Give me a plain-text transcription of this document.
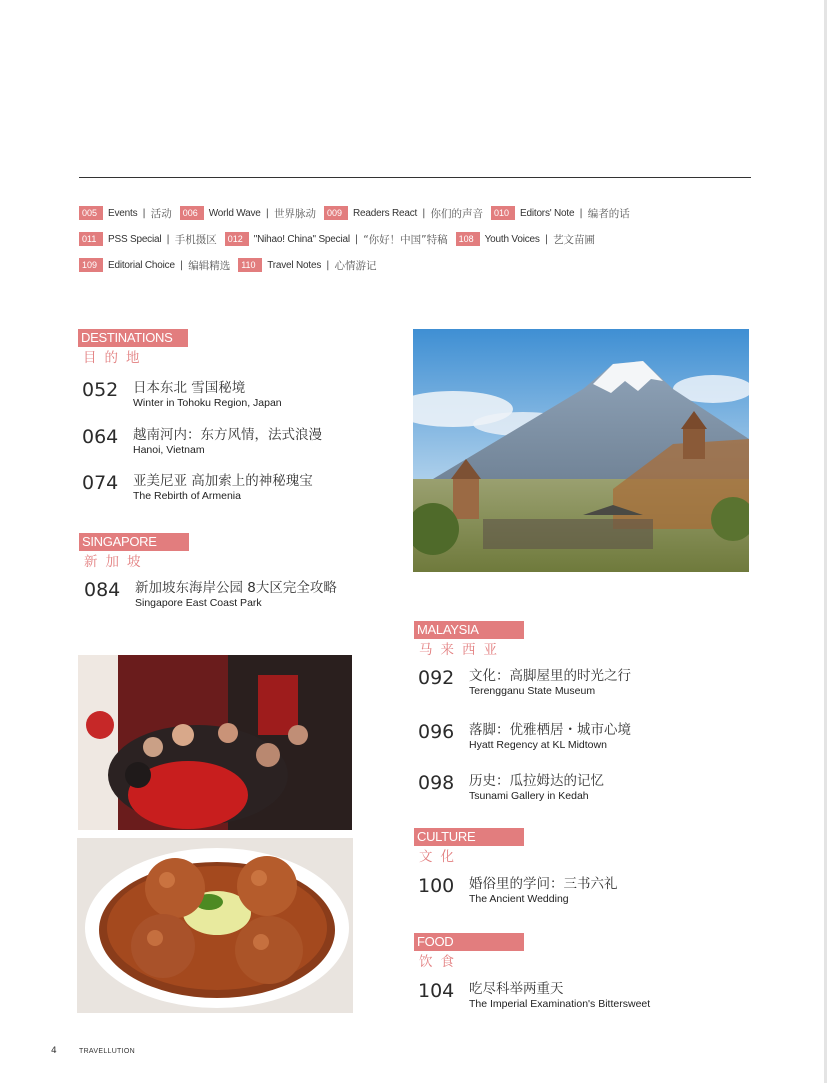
005	Events | 活动	006	World Wave | 世界脉动	009	Readers React | 你们的声音	010	Editors' Note | 编者的话
011	PSS Special | 手机摄区	012	"Nihao! China" Special | “你好！中国”特稿	108	Youth Voices | 艺文苗圃
109	Editorial Choice | 编辑精选	110	Travel Notes | 心情游记
DESTINATIONS
目的地
052	日本东北 雪国秘境
Winter in Tohoku Region, Japan
064	越南河内：东方风情，法式浪漫
Hanoi, Vietnam
074	亚美尼亚 高加索上的神秘瑰宝
The Rebirth of Armenia
SINGAPORE
新加坡
084	新加坡东海岸公园 8大区完全攻略
Singapore East Coast Park
MALAYSIA
马来西亚
092	文化：高脚屋里的时光之行
Terengganu State Museum
096	落脚：优雅栖居・城市心境
Hyatt Regency at KL Midtown
098	历史：瓜拉姆达的记忆
Tsunami Gallery in Kedah
CULTURE
文化
100	婚俗里的学问：三书六礼
The Ancient Wedding
FOOD
饮食
104	吃尽科举两重天
The Imperial Examination's Bittersweet
4	TRAVELLUTION
